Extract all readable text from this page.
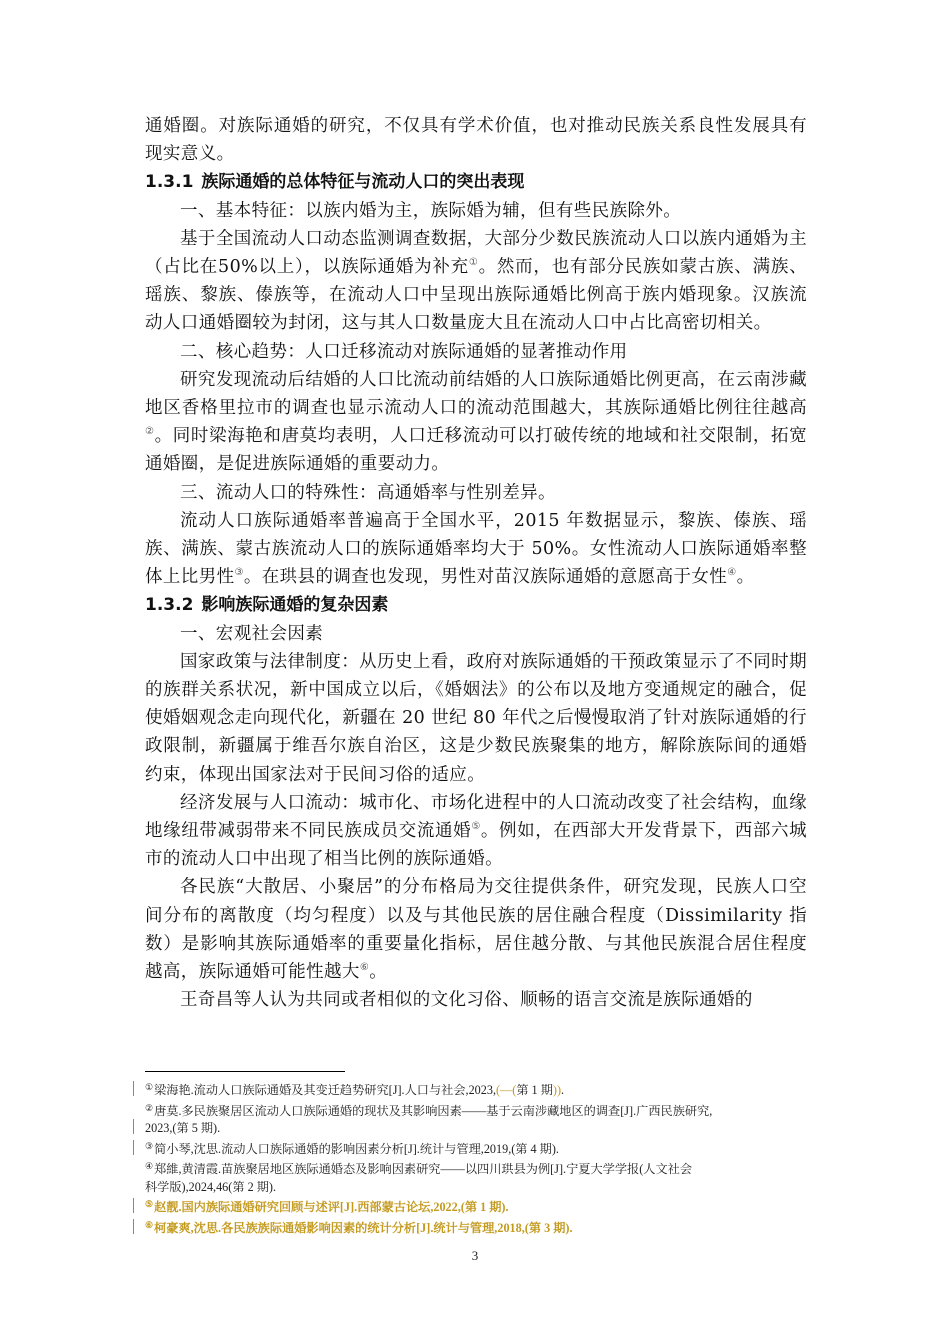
通婚圈。对族际通婚的研究，不仅具有学术价值，也对推动民族关系良性发展具有现实意义。

1.3.1 族际通婚的总体特征与流动人口的突出表现

一、基本特征：以族内婚为主，族际婚为辅，但有些民族除外。

基于全国流动人口动态监测调查数据，大部分少数民族流动人口以族内通婚为主（占比在50%以上），以族际通婚为补充①。然而，也有部分民族如蒙古族、满族、瑶族、黎族、傣族等，在流动人口中呈现出族际通婚比例高于族内婚现象。汉族流动人口通婚圈较为封闭，这与其人口数量庞大且在流动人口中占比高密切相关。

二、核心趋势：人口迁移流动对族际通婚的显著推动作用

研究发现流动后结婚的人口比流动前结婚的人口族际通婚比例更高，在云南涉藏地区香格里拉市的调查也显示流动人口的流动范围越大，其族际通婚比例往往越高②。同时梁海艳和唐莫均表明，人口迁移流动可以打破传统的地域和社交限制，拓宽通婚圈，是促进族际通婚的重要动力。

三、流动人口的特殊性：高通婚率与性别差异。

流动人口族际通婚率普遍高于全国水平，2015 年数据显示，黎族、傣族、瑶族、满族、蒙古族流动人口的族际通婚率均大于 50%。女性流动人口族际通婚率整体上比男性③。在珙县的调查也发现，男性对苗汉族际通婚的意愿高于女性④。

1.3.2 影响族际通婚的复杂因素

一、宏观社会因素

国家政策与法律制度：从历史上看，政府对族际通婚的干预政策显示了不同时期的族群关系状况，新中国成立以后，《婚姻法》的公布以及地方变通规定的融合，促使婚姻观念走向现代化，新疆在 20 世纪 80 年代之后慢慢取消了针对族际通婚的行政限制，新疆属于维吾尔族自治区，这是少数民族聚集的地方，解除族际间的通婚约束，体现出国家法对于民间习俗的适应。

经济发展与人口流动：城市化、市场化进程中的人口流动改变了社会结构，血缘地缘纽带减弱带来不同民族成员交流通婚⑤。例如，在西部大开发背景下，西部六城市的流动人口中出现了相当比例的族际通婚。

各民族“大散居、小聚居”的分布格局为交往提供条件，研究发现，民族人口空间分布的离散度（均匀程度）以及与其他民族的居住融合程度（Dissimilarity 指数）是影响其族际通婚率的重要量化指标，居住越分散、与其他民族混合居住程度越高，族际通婚可能性越大⑥。

王奇昌等人认为共同或者相似的文化习俗、顺畅的语言交流是族际通婚的

①梁海艳.流动人口族际通婚及其变迁趋势研究[J].人口与社会,2023,(—(第 1 期)).

②唐莫.多民族聚居区流动人口族际通婚的现状及其影响因素——基于云南涉藏地区的调查[J].广西民族研究,

2023,(第 5 期).

③简小琴,沈思.流动人口族际通婚的影响因素分析[J].统计与管理,2019,(第 4 期).

④郑維,黄清霞.苗族聚居地区族际通婚态及影响因素研究——以四川珙县为例[J].宁夏大学学报(人文社会
科学版),2024,46(第 2 期).

⑤赵靓.国内族际通婚研究回顾与述评[J].西部蒙古论坛,2022,(第 1 期).

⑥柯豪爽,沈思.各民族族际通婚影响因素的统计分析[J].统计与管理,2018,(第 3 期).

3
